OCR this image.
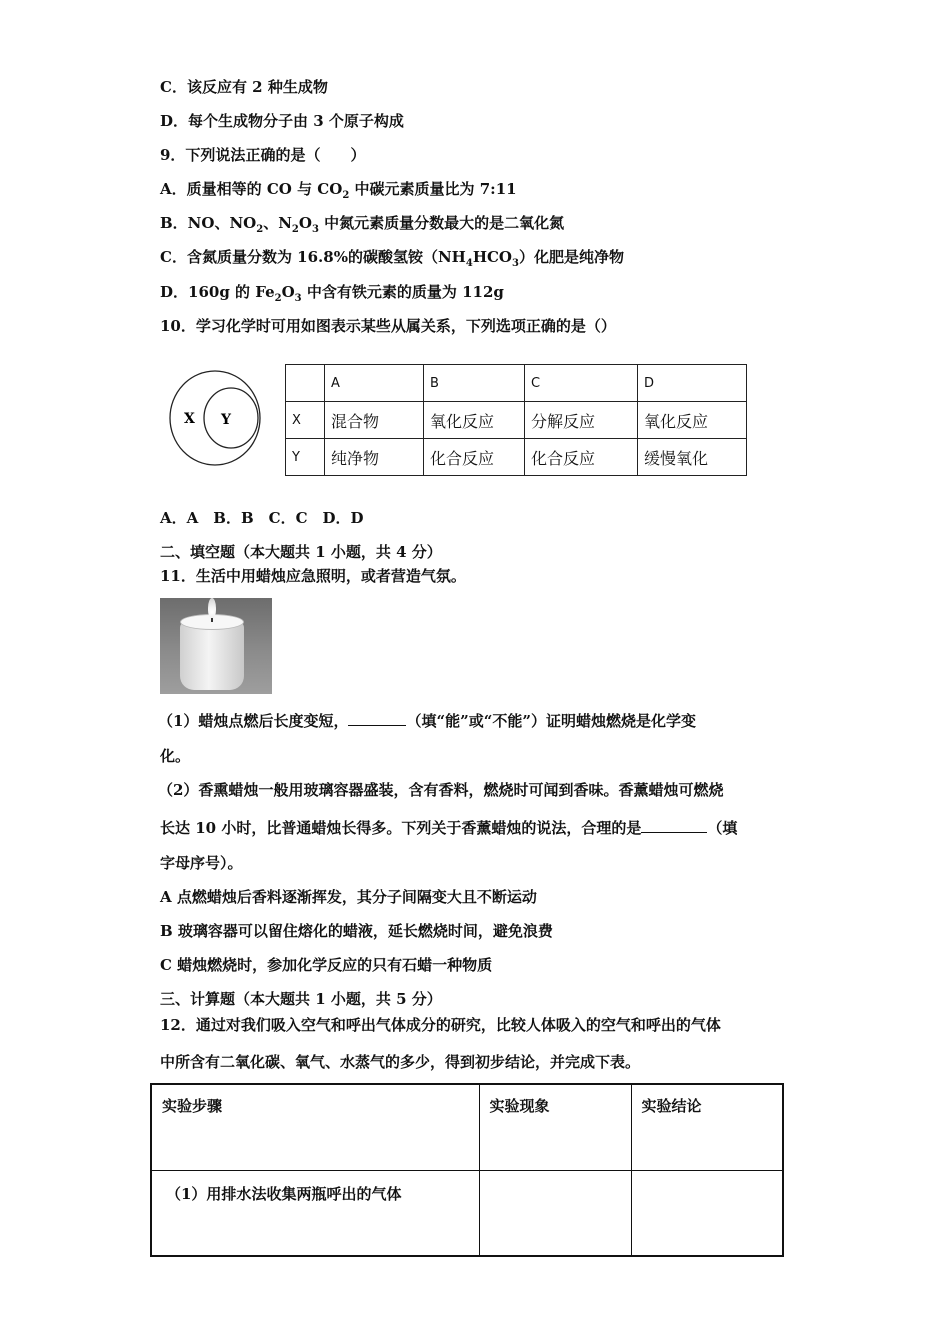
C．该反应有 2 种生成物
D．每个生成物分子由 3 个原子构成
9．下列说法正确的是（　　）
A．质量相等的 CO 与 $CO_2$ 中碳元素质量比为 7:11
B．NO、$NO_2$、$N_2O_3$ 中氮元素质量分数最大的是二氧化氮
C．含氮质量分数为 16.8%的碳酸氢铵$(NH_4HCO_3)$化肥是纯净物
D．160g 的 $Fe_2O_3$ 中含有铁元素的质量为 112g
10．学习化学时可用如图表示某些从属关系，下列选项正确的是（）
X Y
	A	B	C	D
X	混合物	氧化反应	分解反应	氧化反应
Y	纯净物	化合反应	化合反应	缓慢氧化
A．A　B．B　C．C　D．D
二、填空题（本大题共 1 小题，共 4 分）
11．生活中用蜡烛应急照明，或者营造气氛。
（1）蜡烛点燃后长度变短，	（填“能”或“不能”）证明蜡烛燃烧是化学变
化。
（2）香熏蜡烛一般用玻璃容器盛装，含有香料，燃烧时可闻到香味。香薰蜡烛可燃烧
长达 10 小时，比普通蜡烛长得多。下列关于香薰蜡烛的说法，合理的是	（填
字母序号）。
A 点燃蜡烛后香料逐渐挥发，其分子间隔变大且不断运动
B 玻璃容器可以留住熔化的蜡液，延长燃烧时间，避免浪费
C 蜡烛燃烧时，参加化学反应的只有石蜡一种物质
三、计算题（本大题共 1 小题，共 5 分）
12．通过对我们吸入空气和呼出气体成分的研究，比较人体吸入的空气和呼出的气体
中所含有二氧化碳、氧气、水蒸气的多少，得到初步结论，并完成下表。
实验步骤	实验现象	实验结论
（1）用排水法收集两瓶呼出的气体		
